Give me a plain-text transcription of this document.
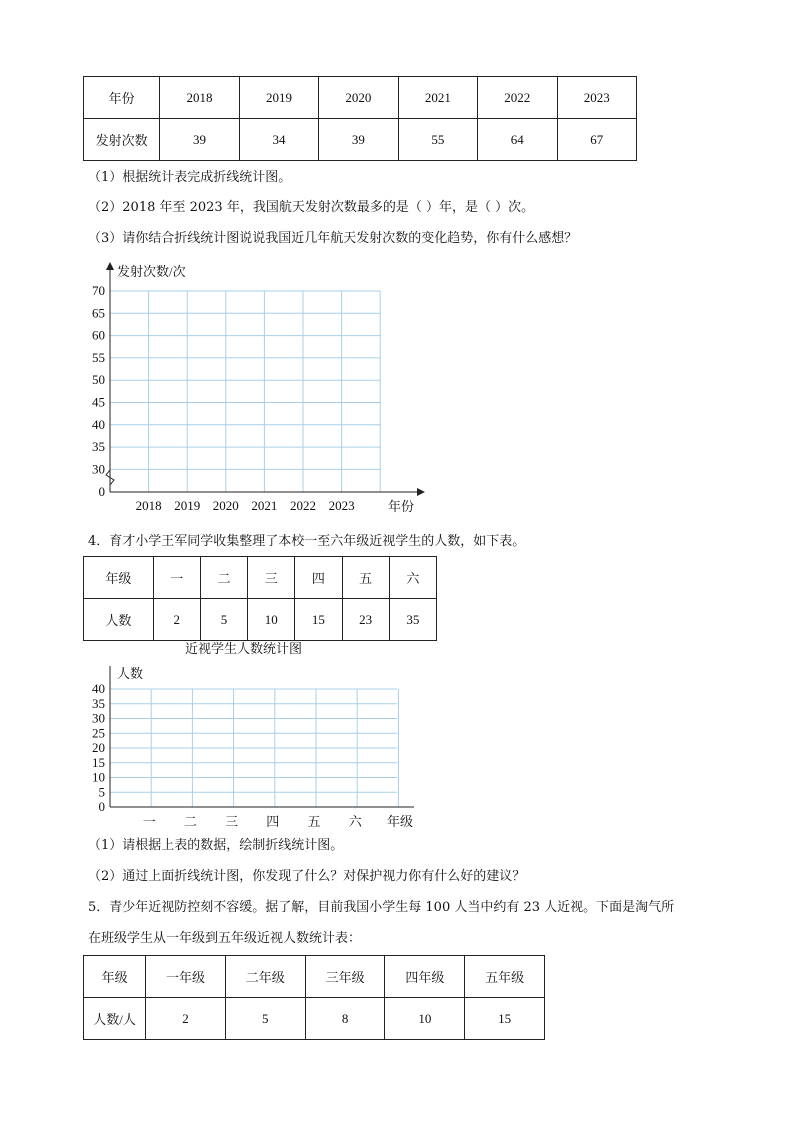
年份	2018	2019	2020	2021	2022	2023
发射次数	39	34	39	55	64	67
（1）根据统计表完成折线统计图。
（2）2018 年至 2023 年，我国航天发射次数最多的是（ ）年，是（ ）次。
（3）请你结合折线统计图说说我国近几年航天发射次数的变化趋势，你有什么感想？
发射次数/次
年份
70
65
60
55
50
45
40
35
30
0
2018 2019 2020 2021 2022 2023
4．育才小学王军同学收集整理了本校一至六年级近视学生的人数，如下表。
年级	一	二	三	四	五	六
人数	2	5	10	15	23	35
近视学生人数统计图
人数
年级
40
35
30
25
20
15
10
5
0
一 二 三 四 五 六
（1）请根据上表的数据，绘制折线统计图。
（2）通过上面折线统计图，你发现了什么？对保护视力你有什么好的建议？
5．青少年近视防控刻不容缓。据了解，目前我国小学生每 100 人当中约有 23 人近视。下面是淘气所
在班级学生从一年级到五年级近视人数统计表：
年级	一年级	二年级	三年级	四年级	五年级
人数/人	2	5	8	10	15
